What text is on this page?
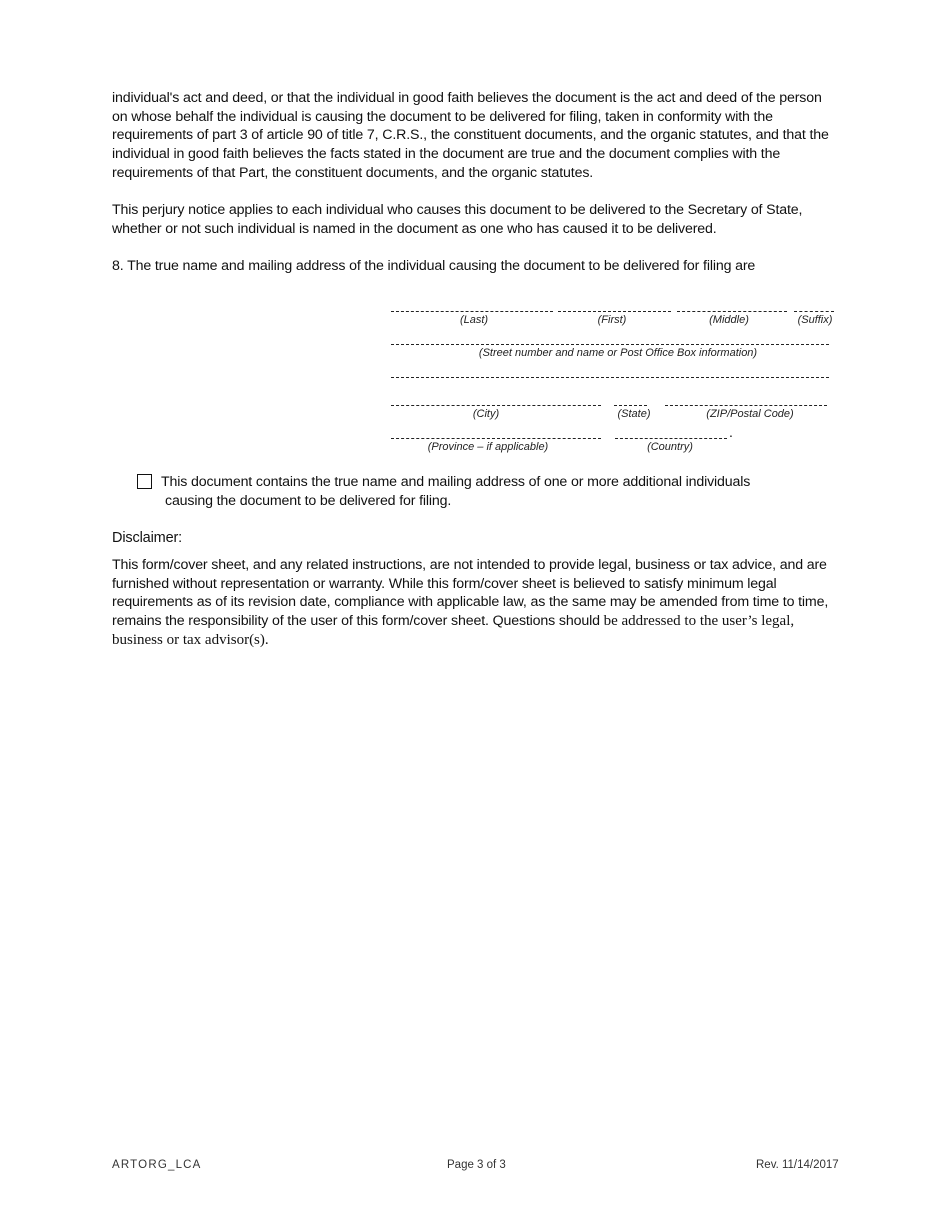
individual's act and deed, or that the individual in good faith believes the document is the act and deed of the person on whose behalf the individual is causing the document to be delivered for filing, taken in conformity with the requirements of part 3 of article 90 of title 7, C.R.S., the constituent documents, and the organic statutes, and that the individual in good faith believes the facts stated in the document are true and the document complies with the requirements of that Part, the constituent documents, and the organic statutes.

This perjury notice applies to each individual who causes this document to be delivered to the Secretary of State, whether or not such individual is named in the document as one who has caused it to be delivered.

8. The true name and mailing address of the individual causing the document to be delivered for filing are

(Last)	(First)	(Middle)	(Suffix)
(Street number and name or Post Office Box information)
(City)	(State)	(ZIP/Postal Code)
.
(Province – if applicable)	(Country)
This document contains the true name and mailing address of one or more additional individuals
causing the document to be delivered for filing.
Disclaimer:
This form/cover sheet, and any related instructions, are not intended to provide legal, business or tax advice, and are furnished without representation or warranty. While this form/cover sheet is believed to satisfy minimum legal requirements as of its revision date, compliance with applicable law, as the same may be amended from time to time, remains the responsibility of the user of this form/cover sheet. Questions should be addressed to the user’s legal, business or tax advisor(s).
ARTORG_LCA	Page 3 of 3	Rev. 11/14/2017
